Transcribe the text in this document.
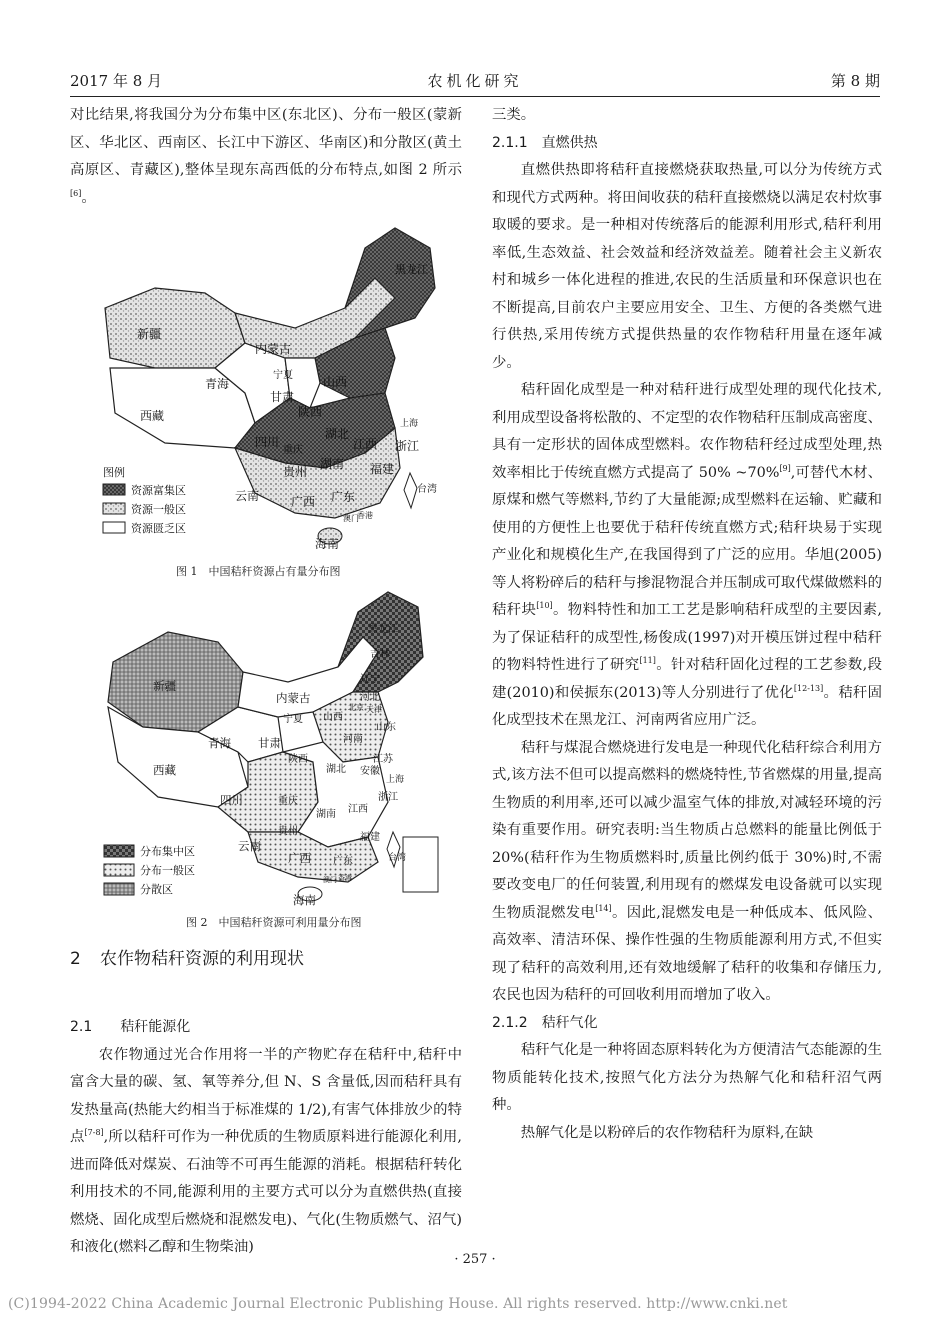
2017 年 8 月	农机化研究	第 8 期

对比结果,将我国分为分布集中区(东北区)、分布一般区(蒙新区、华北区、西南区、长江中下游区、华南区)和分散区(黄土高原区、青藏区),整体呈现东高西低的分布特点,如图 2 所示[6]。

新疆
青海
西藏
内蒙古
甘肃
陕西
四川
湖北
湖南
贵州
云南	广西 广东
福建
江西 浙江
上海
台湾
海南
山西
黑龙江
香港
澳门
重庆
宁夏
图例
资源富集区
资源一般区
资源匮乏区
图 1　中国秸秆资源占有量分布图
新疆
青海
西藏
内蒙古
黑龙江
吉林
辽宁
河北
山西
山东
河南
宁夏
甘肃
陕西
四川	重庆
湖北 安徽
江苏
上海
浙江
江西
湖南
贵州
云南
广西 广东
福建
台湾
海南
北京 天津
香港
澳门
分布集中区
分布一般区
分散区
图 2　中国秸秆资源可利用量分布图
2 农作物秸秆资源的利用现状

2.1　　 秸秆能源化

农作物通过光合作用将一半的产物贮存在秸秆中,秸秆中富含大量的碳、氢、氧等养分,但 N、S 含量低,因而秸秆具有发热量高(热能大约相当于标准煤的 1/2),有害气体排放少的特点[7-8],所以秸秆可作为一种优质的生物质原料进行能源化利用,进而降低对煤炭、石油等不可再生能源的消耗。根据秸秆转化利用技术的不同,能源利用的主要方式可以分为直燃供热(直接燃烧、固化成型后燃烧和混燃发电)、气化(生物质燃气、沼气)和液化(燃料乙醇和生物柴油)

三类。

2.1.1　直燃供热

直燃供热即将秸秆直接燃烧获取热量,可以分为传统方式和现代方式两种。将田间收获的秸秆直接燃烧以满足农村炊事取暖的要求。是一种相对传统落后的能源利用形式,秸秆利用率低,生态效益、社会效益和经济效益差。随着社会主义新农村和城乡一体化进程的推进,农民的生活质量和环保意识也在不断提高,目前农户主要应用安全、卫生、方便的各类燃气进行供热,采用传统方式提供热量的农作物秸秆用量在逐年减少。

秸秆固化成型是一种对秸秆进行成型处理的现代化技术,利用成型设备将松散的、不定型的农作物秸秆压制成高密度、具有一定形状的固体成型燃料。农作物秸秆经过成型处理,热效率相比于传统直燃方式提高了 50% ~70%[9],可替代木材、原煤和燃气等燃料,节约了大量能源;成型燃料在运输、贮藏和使用的方便性上也要优于秸秆传统直燃方式;秸秆块易于实现产业化和规模化生产,在我国得到了广泛的应用。华旭(2005)等人将粉碎后的秸秆与掺混物混合并压制成可取代煤做燃料的秸秆块[10]。物料特性和加工工艺是影响秸秆成型的主要因素,为了保证秸秆的成型性,杨俊成(1997)对开模压饼过程中秸秆的物料特性进行了研究[11]。针对秸秆固化过程的工艺参数,段建(2010)和侯振东(2013)等人分别进行了优化[12-13]。秸秆固化成型技术在黑龙江、河南两省应用广泛。

秸秆与煤混合燃烧进行发电是一种现代化秸秆综合利用方式,该方法不但可以提高燃料的燃烧特性,节省燃煤的用量,提高生物质的利用率,还可以减少温室气体的排放,对减轻环境的污染有重要作用。研究表明:当生物质占总燃料的能量比例低于 20%(秸秆作为生物质燃料时,质量比例约低于 30%)时,不需要改变电厂的任何装置,利用现有的燃煤发电设备就可以实现生物质混燃发电[14]。因此,混燃发电是一种低成本、低风险、高效率、清洁环保、操作性强的生物质能源利用方式,不但实现了秸秆的高效利用,还有效地缓解了秸秆的收集和存储压力,农民也因为秸秆的可回收利用而增加了收入。

2.1.2　秸秆气化

秸秆气化是一种将固态原料转化为方便清洁气态能源的生物质能转化技术,按照气化方法分为热解气化和秸秆沼气两种。

热解气化是以粉碎后的农作物秸秆为原料,在缺

· 257 ·
(C)1994-2022 China Academic Journal Electronic Publishing House. All rights reserved. http://www.cnki.net
